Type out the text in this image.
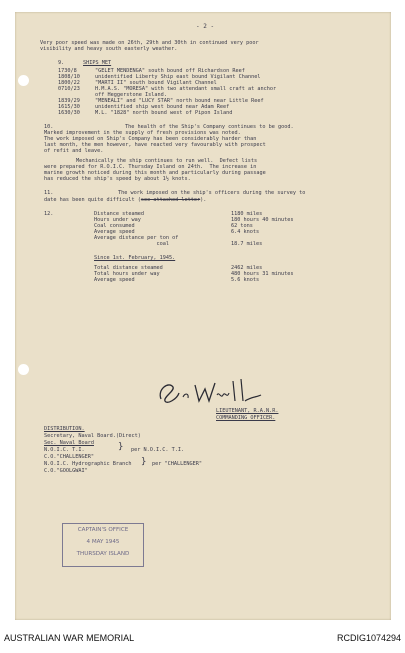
- 2 -
Very poor speed was made on 26th, 29th and 30th in continued very poor
visibility and heavy south easterly weather.
9.	SHIPS MET
1730/8	"GELET MENDENGA" south bound off Richardson Reef
1808/10	unidentified Liberty Ship east bound Vigilant Channel
1800/22	"MARTI II" south bound Vigilant Channel
0710/23	H.M.A.S. "MORESA" with two attendant small craft at anchor
off Heggerstone Island.
1839/29	"MENEALI" and "LUCY STAR" north bound near Little Reef
1615/30	unidentified ship west bound near Adam Reef
1630/30	M.L. "1828" north bound west of Pipon Island
10.	The health of the Ship's Company continues to be good.
Marked improvement in the supply of fresh provisions was noted.
The work imposed on Ship's Company has been considerably harder than
last month, the men however, have reacted very favourably with prospect
of refit and leave.
Mechanically the ship continues to run well.  Defect lists
were prepared for R.O.I.C. Thursday Island on 24th.  The increase in
marine growth noticed during this month and particularly during passage
has reduced the ship's speed by about 1½ knots.
11.	The work imposed on the ship's officers during the survey to
date has been quite difficult (see attached letter).
12.	Distance steamed	1180 miles
Hours under way	180 hours 40 minutes
Coal consumed	62 tons
Average speed	6.4 knots
Average distance per ton of
coal	18.7 miles
Since 1st. February, 1945.
Total distance steamed	2462 miles
Total hours under way	480 hours 31 minutes
Average speed	5.6 knots
LIEUTENANT, R.A.N.R.
COMMANDING OFFICER.
DISTRIBUTION.
Secretary, Naval Board.(Direct)
Sec. Naval Board
N.O.I.C. T.I.
C.O."CHALLENGER"
N.O.I.C. Hydrographic Branch
C.O."GOOLGWAI"
} per N.O.I.C. T.I.
} per "CHALLENGER"
CAPTAIN'S OFFICE
4 MAY 1945
THURSDAY ISLAND
AUSTRALIAN WAR MEMORIAL	RCDIG1074294
